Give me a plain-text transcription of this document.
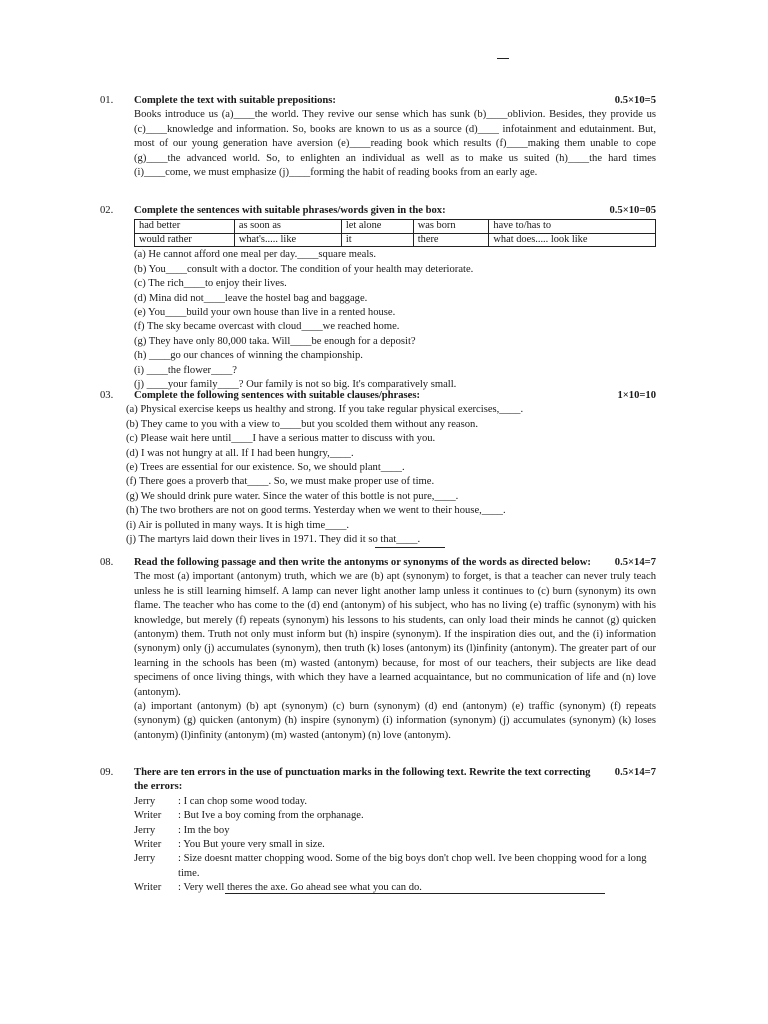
01.	Complete the text with suitable prepositions:	0.5×10=5
Books introduce us (a)____the world. They revive our sense which has sunk (b)____oblivion. Besides, they provide us (c)____knowledge and information. So, books are known to us as a source (d)____ infotainment and edutainment. But, most of our young generation have aversion (e)____reading book which results (f)____making them unable to cope (g)____the advanced world. So, to enlighten an individual as well as to make us suited (h)____the hard times (i)____come, we must emphasize (j)____forming the habit of reading books from an early age.
02.	Complete the sentences with suitable phrases/words given in the box:	0.5×10=05
had better	as soon as	let alone	was born	have to/has to
would rather	what's..... like	it	there	what does..... look like
(a) He cannot afford one meal per day.____square meals.
(b) You____consult with a doctor. The condition of your health may deteriorate.
(c) The rich____to enjoy their lives.
(d) Mina did not____leave the hostel bag and baggage.
(e) You____build your own house than live in a rented house.
(f) The sky became overcast with cloud____we reached home.
(g) They have only 80,000 taka. Will____be enough for a deposit?
(h) ____go our chances of winning the championship.
(i) ____the flower____?
(j) ____your family____? Our family is not so big. It's comparatively small.
03.	Complete the following sentences with suitable clauses/phrases:	1×10=10
(a) Physical exercise keeps us healthy and strong. If you take regular physical exercises,____.
(b) They came to you with a view to____but you scolded them without any reason.
(c) Please wait here until____I have a serious matter to discuss with you.
(d) I was not hungry at all. If I had been hungry,____.
(e) Trees are essential for our existence. So, we should plant____.
(f) There goes a proverb that____. So, we must make proper use of time.
(g) We should drink pure water. Since the water of this bottle is not pure,____.
(h) The two brothers are not on good terms. Yesterday when we went to their house,____.
(i) Air is polluted in many ways. It is high time____.
(j) The martyrs laid down their lives in 1971. They did it so that____.
08.	Read the following passage and then write the antonyms or synonyms of the words as directed below:	0.5×14=7
The most (a) important (antonym) truth, which we are (b) apt (synonym) to forget, is that a teacher can never truly teach unless he is still learning himself. A lamp can never light another lamp unless it continues to (c) burn (synonym) its own flame. The teacher who has come to the (d) end (antonym) of his subject, who has no living (e) traffic (synonym) with his knowledge, but merely (f) repeats (synonym) his lessons to his students, can only load their minds he cannot (g) quicken (antonym) them. Truth not only must inform but (h) inspire (synonym). If the inspiration dies out, and the (i) information (synonym) only (j) accumulates (synonym), then truth (k) loses (antonym) its (l)infinity (antonym). The greater part of our learning in the schools has been (m) wasted (antonym) because, for most of our teachers, their subjects are like dead specimens of once living things, with which they have a learned acquaintance, but no communication of life and (n) love (antonym).
(a) important (antonym) (b) apt (synonym) (c) burn (synonym) (d) end (antonym) (e) traffic (synonym) (f) repeats (synonym) (g) quicken (antonym) (h) inspire (synonym) (i) information (synonym) (j) accumulates (synonym) (k) loses (antonym) (l)infinity (antonym) (m) wasted (antonym) (n) love (antonym).
09.	There are ten errors in the use of punctuation marks in the following text. Rewrite the text correcting the errors:
0.5×14=7
Jerry	: I can chop some wood today.
Writer	: But Ive a boy coming from the orphanage.
Jerry	: Im the boy
Writer	: You But youre very small in size.
Jerry	: Size doesnt matter chopping wood. Some of the big boys don't chop well. Ive been chopping wood for a long time.
Writer	: Very well theres the axe. Go ahead see what you can do.
